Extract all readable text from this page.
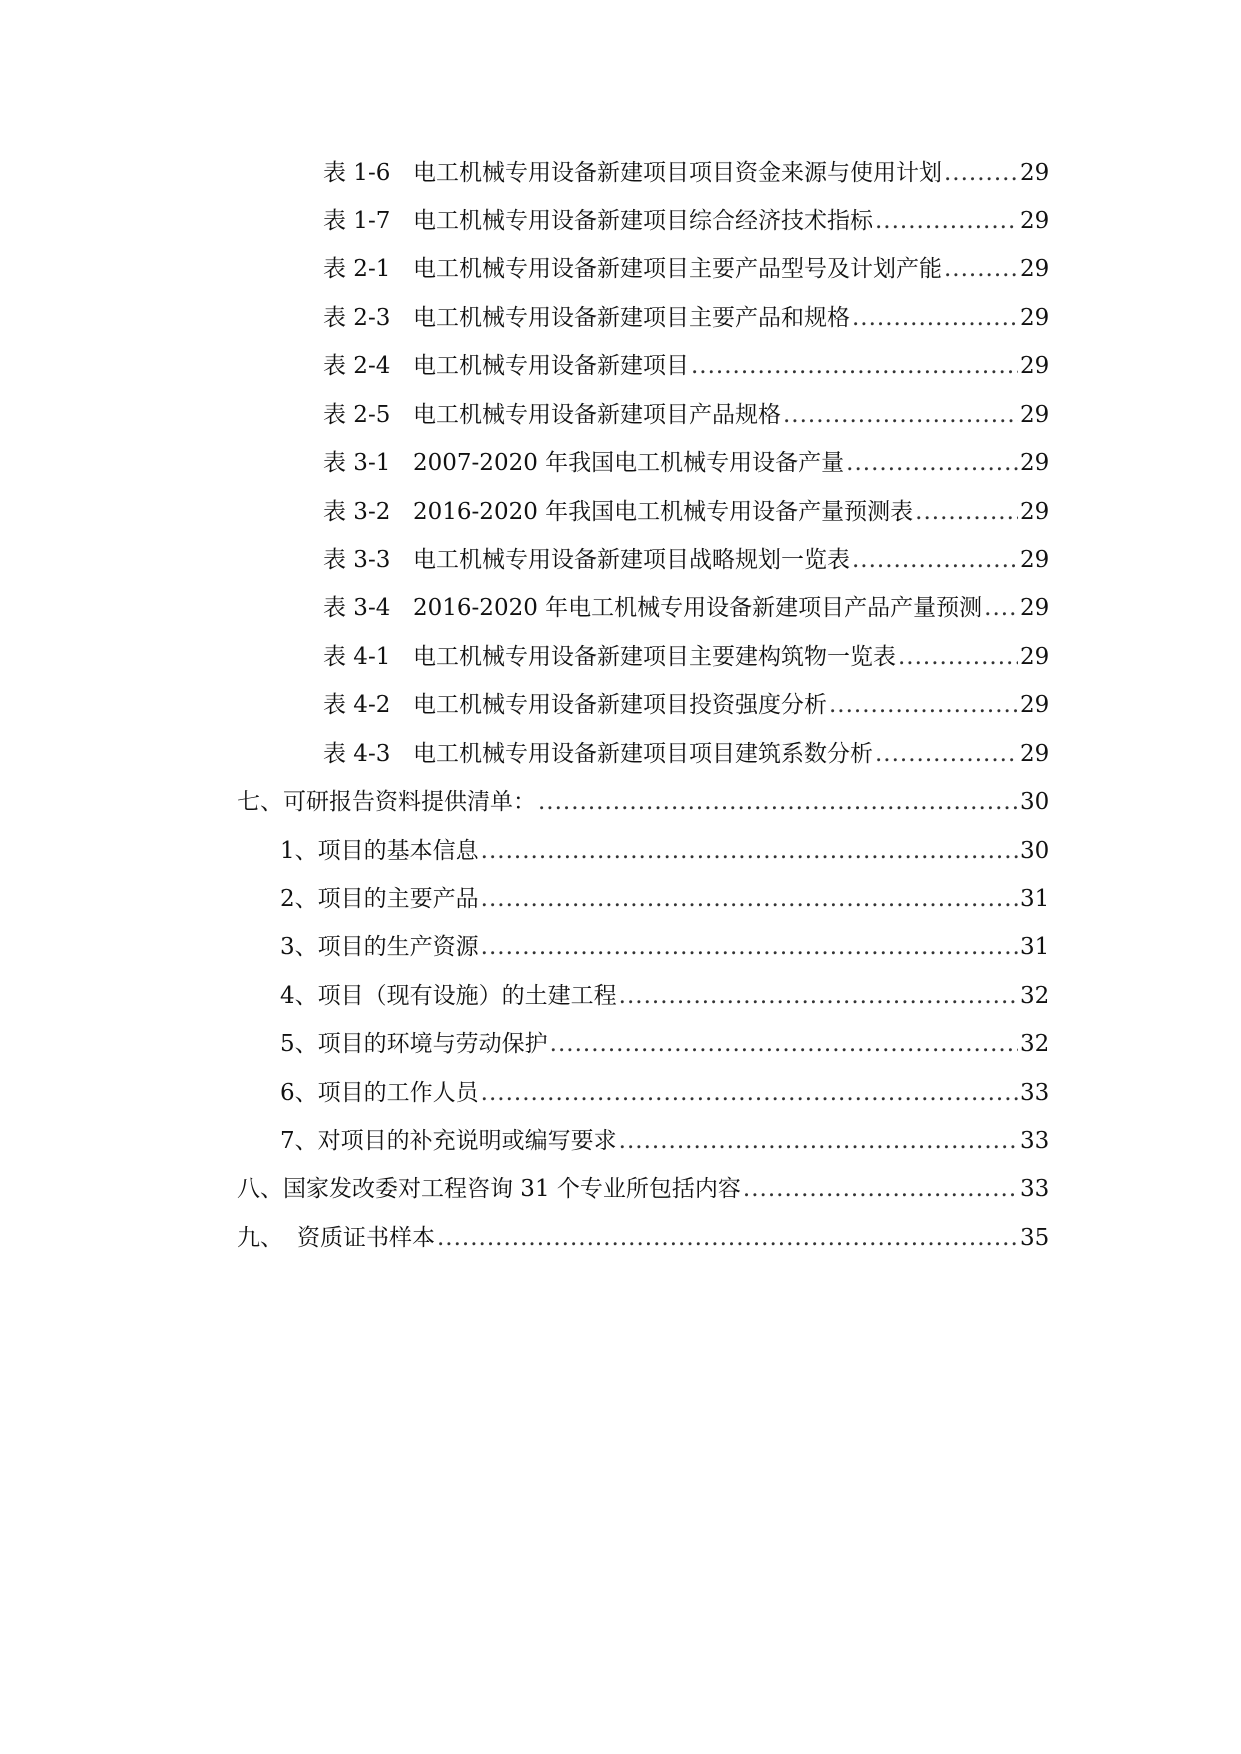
表 1-6 电工机械专用设备新建项目项目资金来源与使用计划 .....	29
表 1-7 电工机械专用设备新建项目综合经济技术指标 .....	29
表 2-1 电工机械专用设备新建项目主要产品型号及计划产能 .....	29
表 2-3 电工机械专用设备新建项目主要产品和规格 .....	29
表 2-4 电工机械专用设备新建项目 .....	29
表 2-5 电工机械专用设备新建项目产品规格 .....	29
表 3-1 2007-2020 年我国电工机械专用设备产量 .....	29
表 3-2 2016-2020 年我国电工机械专用设备产量预测表 .....	29
表 3-3 电工机械专用设备新建项目战略规划一览表 .....	29
表 3-4 2016-2020 年电工机械专用设备新建项目产品产量预测 ..... 29
表 4-1 电工机械专用设备新建项目主要建构筑物一览表 .....	29
表 4-2 电工机械专用设备新建项目投资强度分析 .....	29
表 4-3 电工机械专用设备新建项目项目建筑系数分析 .....	29
七、可研报告资料提供清单： .....	30
1、项目的基本信息 .....	30
2、项目的主要产品 .....	31
3、项目的生产资源 .....	31
4、项目（现有设施）的土建工程 .....	32
5、项目的环境与劳动保护 .....	32
6、项目的工作人员 .....	33
7、对项目的补充说明或编写要求 .....	33
八、国家发改委对工程咨询 31 个专业所包括内容 .....	33
九、 资质证书样本 .....	35
